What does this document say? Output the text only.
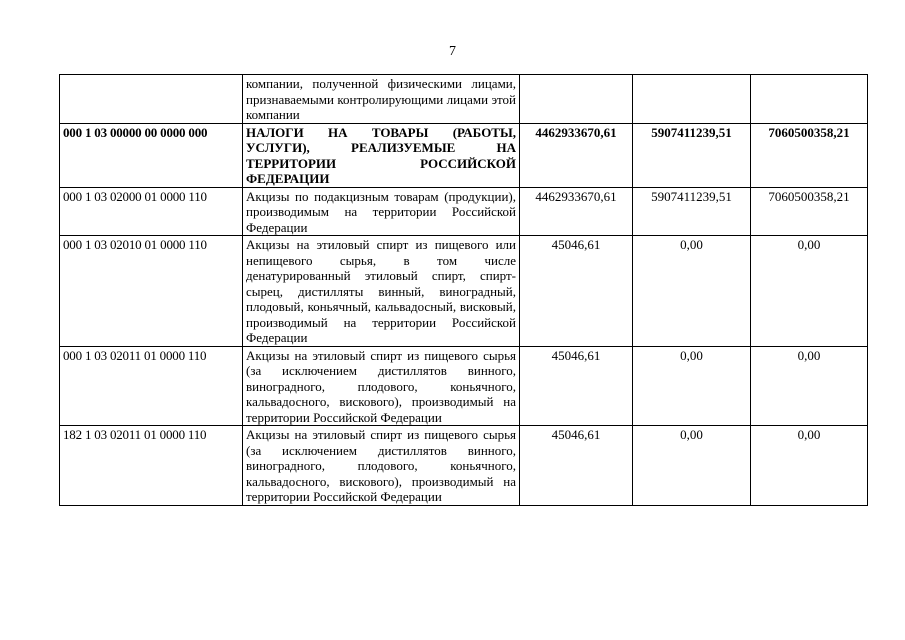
7
	компании, полученной физическими лицами, признаваемыми контролирующими лицами этой компании			
000 1 03 00000 00 0000 000	НАЛОГИ НА ТОВАРЫ (РАБОТЫ, УСЛУГИ), РЕАЛИЗУЕМЫЕ НА ТЕРРИТОРИИ РОССИЙСКОЙ ФЕДЕРАЦИИ	4462933670,61	5907411239,51	7060500358,21
000 1 03 02000 01 0000 110	Акцизы по подакцизным товарам (продукции), производимым на территории Российской Федерации	4462933670,61	5907411239,51	7060500358,21
000 1 03 02010 01 0000 110	Акцизы на этиловый спирт из пищевого или непищевого сырья, в том числе денатурированный этиловый спирт, спирт-сырец, дистилляты винный, виноградный, плодовый, коньячный, кальвадосный, висковый, производимый на территории Российской Федерации	45046,61	0,00	0,00
000 1 03 02011 01 0000 110	Акцизы на этиловый спирт из пищевого сырья (за исключением дистиллятов винного, виноградного, плодового, коньячного, кальвадосного, вискового), производимый на территории Российской Федерации	45046,61	0,00	0,00
182 1 03 02011 01 0000 110	Акцизы на этиловый спирт из пищевого сырья (за исключением дистиллятов винного, виноградного, плодового, коньячного, кальвадосного, вискового), производимый на территории Российской Федерации	45046,61	0,00	0,00
